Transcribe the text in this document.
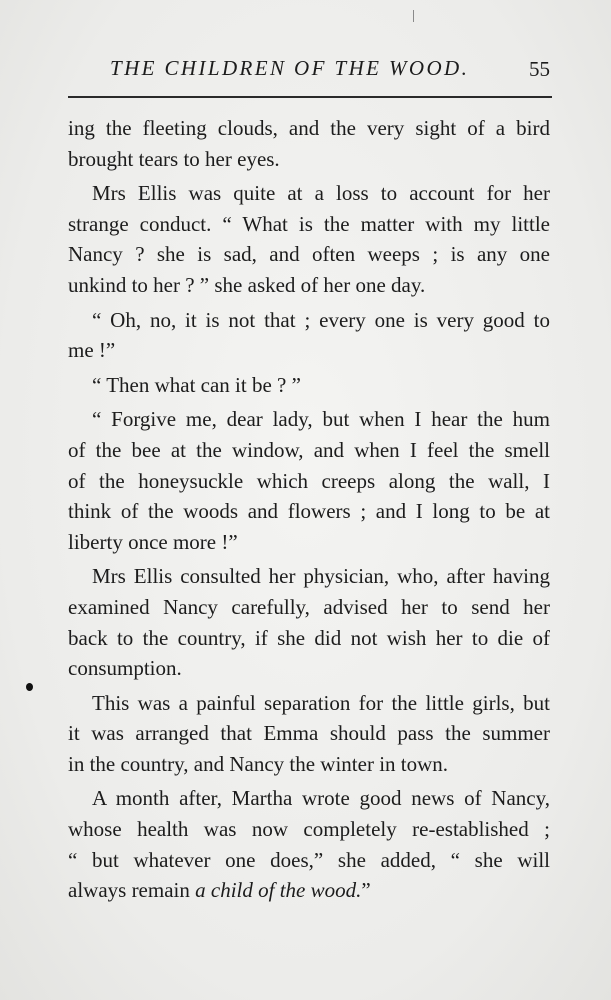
THE CHILDREN OF THE WOOD.	55
ing the fleeting clouds, and the very sight of a bird
brought tears to her eyes.
Mrs Ellis was quite at a loss to account for her
strange conduct. “ What is the matter with my little
Nancy ? she is sad, and often weeps ; is any one
unkind to her ? ” she asked of her one day.
“ Oh, no, it is not that ; every one is very good to
me !”
“ Then what can it be ? ”
“ Forgive me, dear lady, but when I hear the hum
of the bee at the window, and when I feel the smell
of the honeysuckle which creeps along the wall, I
think of the woods and flowers ; and I long to be at
liberty once more !”
Mrs Ellis consulted her physician, who, after having
examined Nancy carefully, advised her to send her
back to the country, if she did not wish her to die of
consumption.
This was a painful separation for the little girls, but
it was arranged that Emma should pass the summer
in the country, and Nancy the winter in town.
A month after, Martha wrote good news of Nancy,
whose health was now completely re-established ;
“ but whatever one does,” she added, “ she will
always remain a child of the wood.”
